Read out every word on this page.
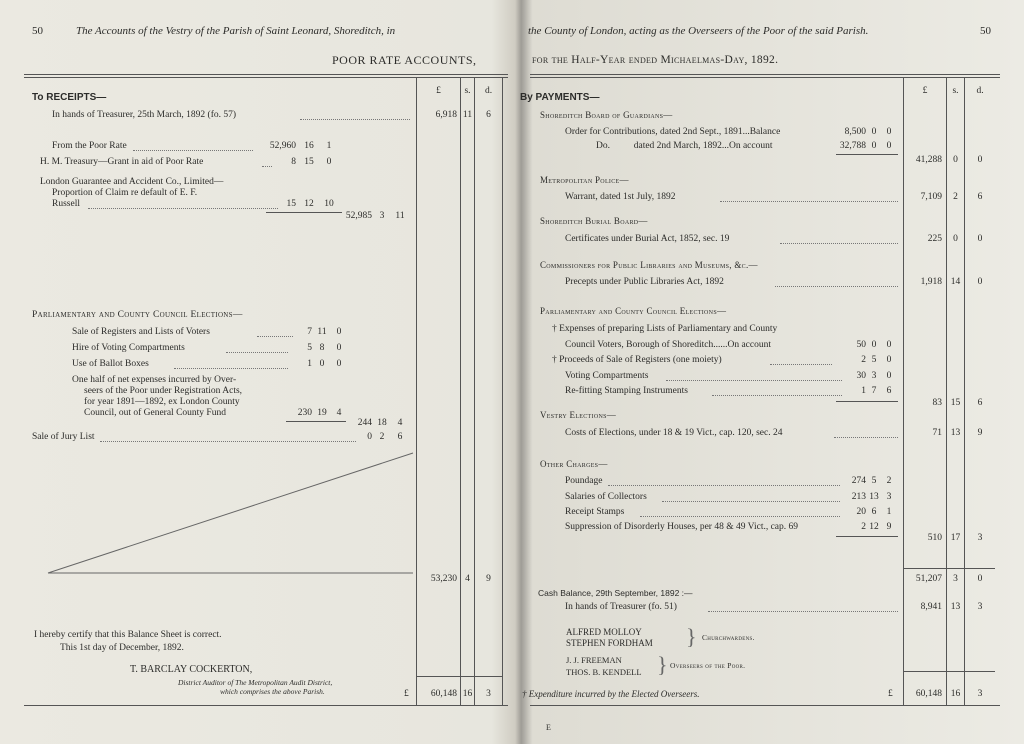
50	The Accounts of the Vestry of the Parish of Saint Leonard, Shoreditch, in	the County of London, acting as the Overseers of the Poor of the said Parish.	50
POOR RATE ACCOUNTS,	for the Half-Year ended Michaelmas-Day, 1892.
£	s.	d.	£	s.	d.
To RECEIPTS—
In hands of Treasurer, 25th March, 1892 (fo. 57)	6,918 11	6
From the Poor Rate	52,960 16	1
H. M. Treasury—Grant in aid of Poor Rate	8 15	0
London Guarantee and Accident Co., Limited—
Proportion of Claim re default of E. F.
Russell	15 12	10
52,985 3	11
Parliamentary and County Council Elections—
Sale of Registers and Lists of Voters	7 11	0
Hire of Voting Compartments	5 8	0
Use of Ballot Boxes	1 0	0
One half of net expenses incurred by Over-
seers of the Poor under Registration Acts,
for year 1891—1892, ex London County
Council, out of General County Fund	230 19	4
244 18	4
Sale of Jury List	0 2	6
53,230 4	9
I hereby certify that this Balance Sheet is correct.
This 1st day of December, 1892.
T. BARCLAY COCKERTON,
District Auditor of The Metropolitan Audit District,
which comprises the above Parish.	£	60,148 16	3
By PAYMENTS—
Shoreditch Board of Guardians—
Order for Contributions, dated 2nd Sept., 1891...Balance	8,500 0	0
Do.          dated 2nd March, 1892...On account	32,788 0	0
41,288	0	0
Metropolitan Police—
Warrant, dated 1st July, 1892	7,109	2	6
Shoreditch Burial Board—
Certificates under Burial Act, 1852, sec. 19	225	0	0
Commissioners for Public Libraries and Museums, &c.—
Precepts under Public Libraries Act, 1892	1,918 14	0
Parliamentary and County Council Elections—
† Expenses of preparing Lists of Parliamentary and County
Council Voters, Borough of Shoreditch......On account	50 0	0
† Proceeds of Sale of Registers (one moiety)	2 5	0
Voting Compartments	30 3	0
Re-fitting Stamping Instruments	1 7	6
83 15	6
Vestry Elections—
Costs of Elections, under 18 & 19 Vict., cap. 120, sec. 24	71 13	9
Other Charges—
Poundage	274 5	2
Salaries of Collectors	213 13 3
Receipt Stamps	20 6	1
Suppression of Disorderly Houses, per 48 & 49 Vict., cap. 69	2 12 9
510 17	3
51,207	3	0
Cash Balance, 29th September, 1892 :—
In hands of Treasurer (fo. 51)	8,941 13	3
ALFRED MOLLOY
STEPHEN FORDHAM } Churchwardens.
J. J. FREEMAN
THOS. B. KENDELL } Overseers of the Poor.
† Expenditure incurred by the Elected Overseers.	£	60,148 16	3
E
